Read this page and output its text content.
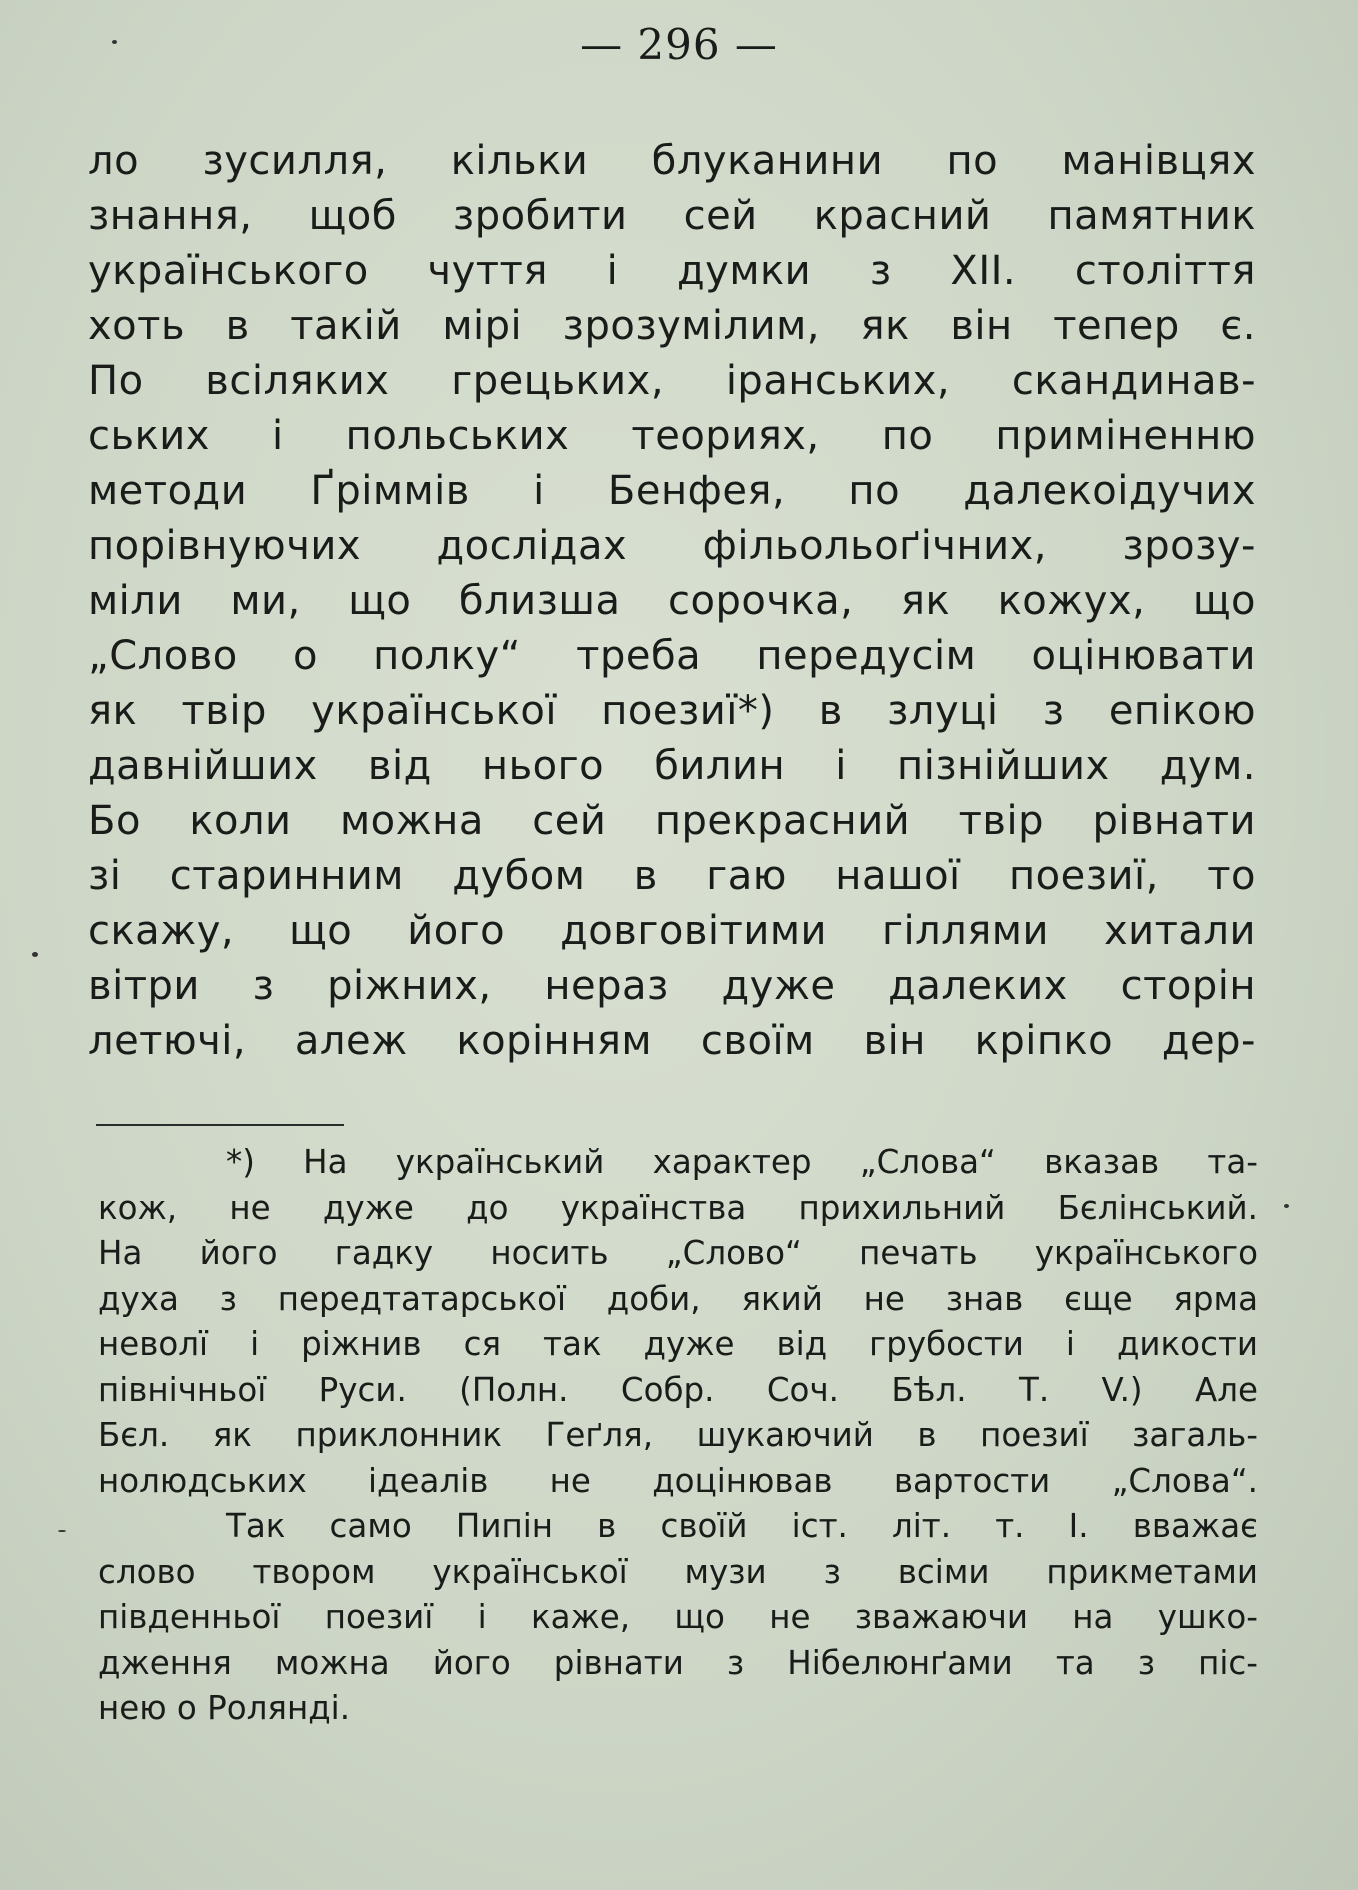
— 296 —
ло зусилля, кільки блуканини по манівцях
знання, щоб зробити сей красний памятник
українського чуття і думки з XII. століття
хоть в такій мірі зрозумілим, як він тепер є.
По всіляких грецьких, іранських, скандинав-
ських і польських теориях, по приміненню
методи Ґріммів і Бенфея, по далекоідучих
порівнуючих дослідах фільольоґічних, зрозу-
міли ми, що близша сорочка, як кожух, що
„Слово о полку“ треба передусім оцінювати
як твір української поезиї*) в злуці з епікою
давнійших від нього билин і пізнійших дум.
Бо коли можна сей прекрасний твір рівнати
зі старинним дубом в гаю нашої поезиї, то
скажу, що його довговітими гіллями хитали
вітри з ріжних, нераз дуже далеких сторін
летючі, алеж корінням своїм він кріпко дер-
*) На український характер „Слова“ вказав та-
кож, не дуже до українства прихильний Бєлінський.
На його гадку носить „Слово“ печать українського
духа з передтатарської доби, який не знав єще ярма
неволї і ріжнив ся так дуже від грубости і дикости
північньої Руси. (Полн. Собр. Соч. Бѣл. Т. V.) Але
Бєл. як приклонник Геґля, шукаючий в поезиї загаль-
нолюдських ідеалів не доцінював вартости „Слова“.
Так само Пипін в своїй іст. літ. т. І. вважає
слово твором української музи з всіми прикметами
південньої поезиї і каже, що не зважаючи на ушко-
дження можна його рівнати з Нібелюнґами та з піс-
нею о Ролянді.
